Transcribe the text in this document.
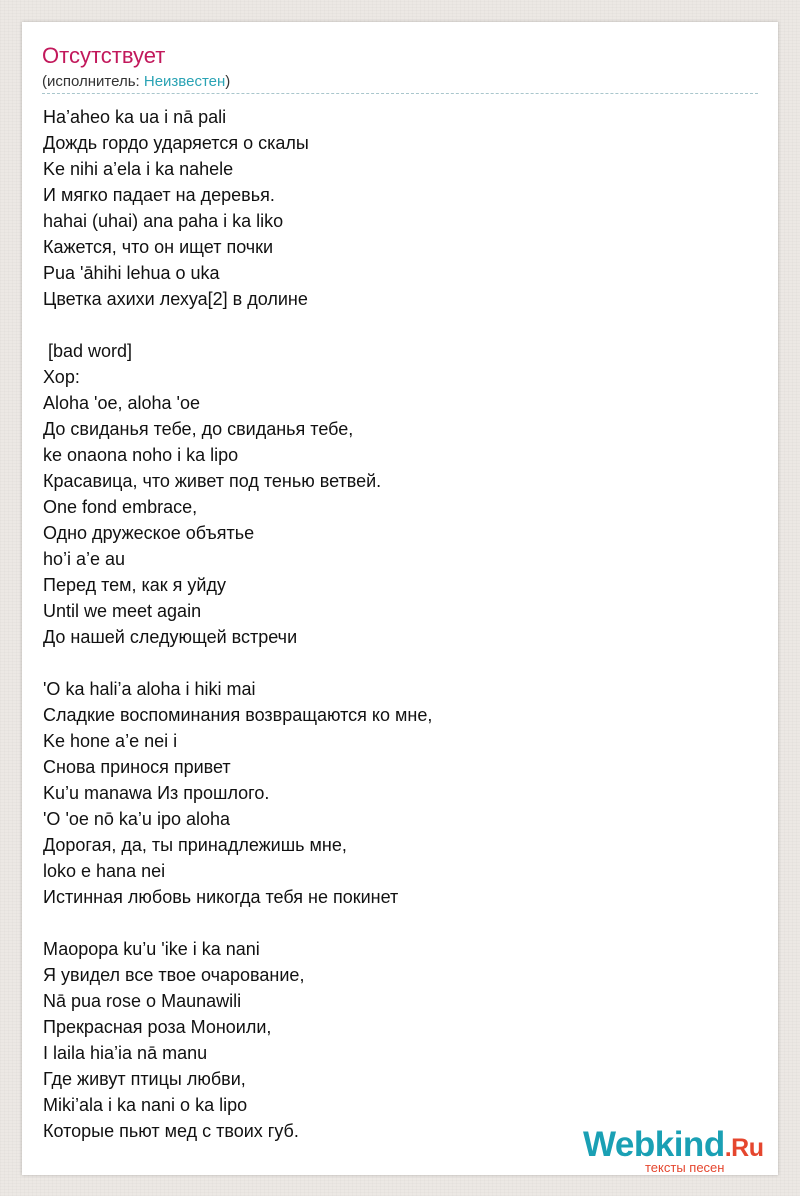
Отсутствует
(исполнитель: Неизвестен)
Ha’aheo ka ua i nā pali
Дождь гордо ударяется о скалы
Ke nihi a’ela i ka nahele
И мягко падает на деревья.
hahai (uhai) ana paha i ka liko
Кажется, что он ищет почки
Pua 'āhihi lehua o uka
Цветка ахихи лехуа[2] в долине
[bad word]
Хор:
Aloha 'oe, aloha 'oe
До свиданья тебе, до свиданья тебе,
ke onaona noho i ka lipo
Красавица, что живет под тенью ветвей.
One fond embrace,
Одно дружеское объятье
ho’i a’e au
Перед тем, как я уйду
Until we meet again
До нашей следующей встречи
'O ka hali’a aloha i hiki mai
Сладкие воспоминания возвращаются ко мне,
Ke hone a’e nei i
Снова принося привет
Ku’u manawa Из прошлого.
'O 'oe nō ka’u ipo aloha
Дорогая, да, ты принадлежишь мне,
loko e hana nei
Истинная любовь никогда тебя не покинет
Маорора ku’u 'ike i ka nani
Я увидел все твое очарование,
Nā pua rose o Maunawili
Прекрасная роза Моноили,
I laila hia’ia nā manu
Где живут птицы любви,
Miki’ala i ka nani o ka lipo
Которые пьют мед с твоих губ.	Webkind.Ru
тексты песен
